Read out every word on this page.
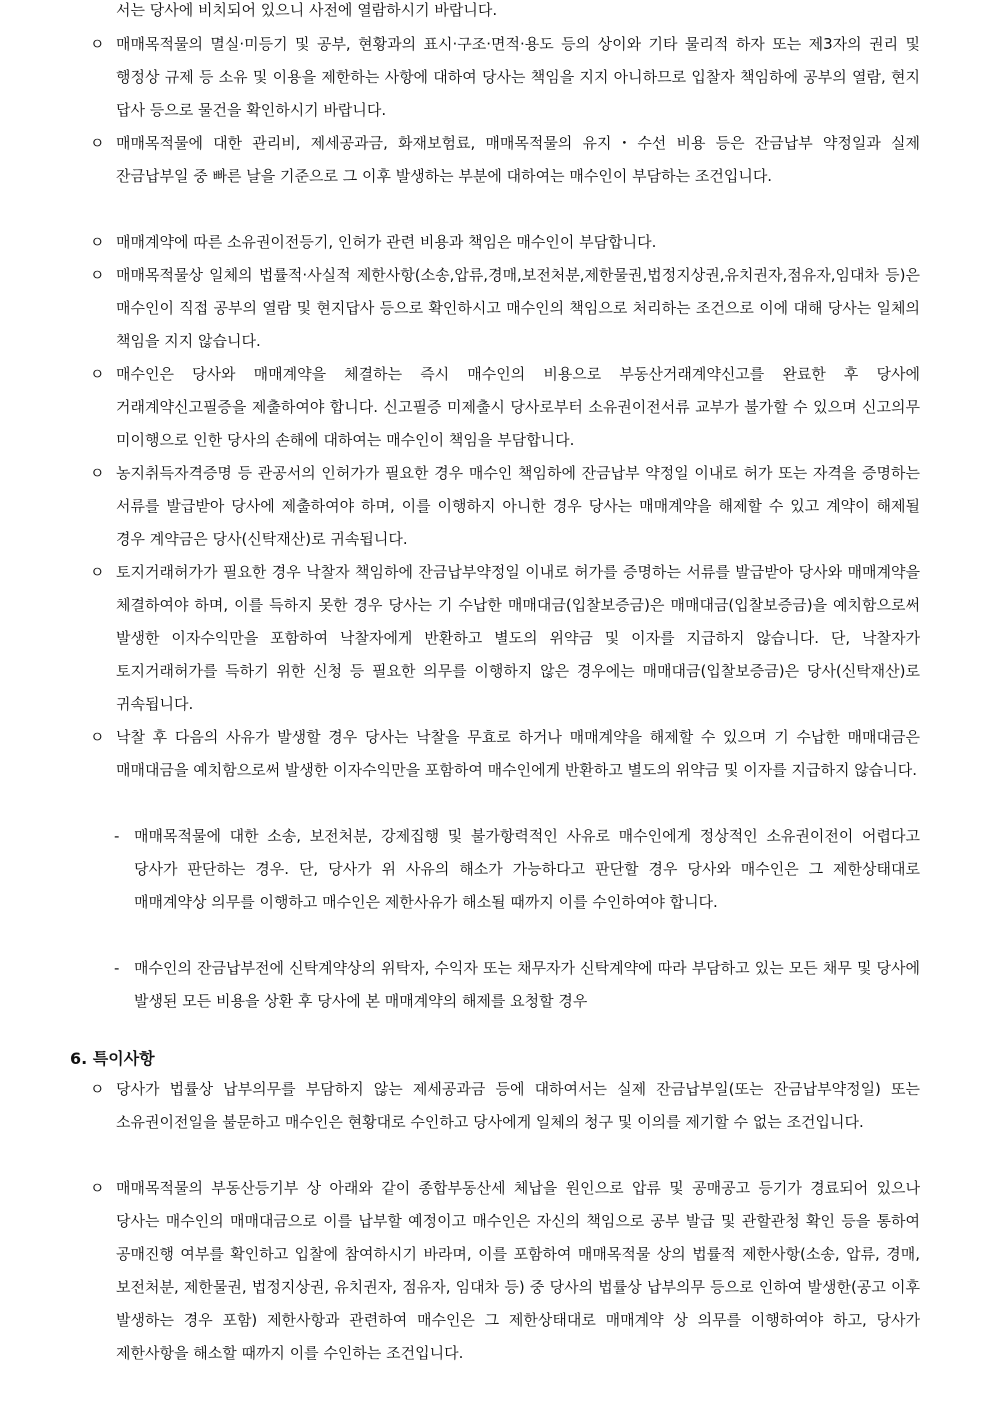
서는 당사에 비치되어 있으니 사전에 열람하시기 바랍니다.

ㅇ 매매목적물의 멸실·미등기 및 공부, 현황과의 표시·구조·면적·용도 등의 상이와 기타 물리적 하자 또는 제3자의 권리 및 행정상 규제 등 소유 및 이용을 제한하는 사항에 대하여 당사는 책임을 지지 아니하므로 입찰자 책임하에 공부의 열람, 현지 답사 등으로 물건을 확인하시기 바랍니다.

ㅇ 매매목적물에 대한 관리비, 제세공과금, 화재보험료, 매매목적물의 유지・수선 비용 등은 잔금납부 약정일과 실제 잔금납부일 중 빠른 날을 기준으로 그 이후 발생하는 부분에 대하여는 매수인이 부담하는 조건입니다.

ㅇ 매매계약에 따른 소유권이전등기, 인허가 관련 비용과 책임은 매수인이 부담합니다.

ㅇ 매매목적물상 일체의 법률적·사실적 제한사항(소송,압류,경매,보전처분,제한물권,법정지상권,유치권자,점유자,임대차 등)은 매수인이 직접 공부의 열람 및 현지답사 등으로 확인하시고 매수인의 책임으로 처리하는 조건으로 이에 대해 당사는 일체의 책임을 지지 않습니다.

ㅇ 매수인은 당사와 매매계약을 체결하는 즉시 매수인의 비용으로 부동산거래계약신고를 완료한 후 당사에 거래계약신고필증을 제출하여야 합니다. 신고필증 미제출시 당사로부터 소유권이전서류 교부가 불가할 수 있으며 신고의무 미이행으로 인한 당사의 손해에 대하여는 매수인이 책임을 부담합니다.

ㅇ 농지취득자격증명 등 관공서의 인허가가 필요한 경우 매수인 책임하에 잔금납부 약정일 이내로 허가 또는 자격을 증명하는 서류를 발급받아 당사에 제출하여야 하며, 이를 이행하지 아니한 경우 당사는 매매계약을 해제할 수 있고 계약이 해제될 경우 계약금은 당사(신탁재산)로 귀속됩니다.

ㅇ 토지거래허가가 필요한 경우 낙찰자 책임하에 잔금납부약정일 이내로 허가를 증명하는 서류를 발급받아 당사와 매매계약을 체결하여야 하며, 이를 득하지 못한 경우 당사는 기 수납한 매매대금(입찰보증금)은 매매대금(입찰보증금)을 예치함으로써 발생한 이자수익만을 포함하여 낙찰자에게 반환하고 별도의 위약금 및 이자를 지급하지 않습니다. 단, 낙찰자가 토지거래허가를 득하기 위한 신청 등 필요한 의무를 이행하지 않은 경우에는 매매대금(입찰보증금)은 당사(신탁재산)로 귀속됩니다.

ㅇ 낙찰 후 다음의 사유가 발생할 경우 당사는 낙찰을 무효로 하거나 매매계약을 해제할 수 있으며 기 수납한 매매대금은 매매대금을 예치함으로써 발생한 이자수익만을 포함하여 매수인에게 반환하고 별도의 위약금 및 이자를 지급하지 않습니다.

- 매매목적물에 대한 소송, 보전처분, 강제집행 및 불가항력적인 사유로 매수인에게 정상적인 소유권이전이 어렵다고 당사가 판단하는 경우. 단, 당사가 위 사유의 해소가 가능하다고 판단할 경우 당사와 매수인은 그 제한상태대로 매매계약상 의무를 이행하고 매수인은 제한사유가 해소될 때까지 이를 수인하여야 합니다.

- 매수인의 잔금납부전에 신탁계약상의 위탁자, 수익자 또는 채무자가 신탁계약에 따라 부담하고 있는 모든 채무 및 당사에 발생된 모든 비용을 상환 후 당사에 본 매매계약의 해제를 요청할 경우

6. 특이사항

ㅇ 당사가 법률상 납부의무를 부담하지 않는 제세공과금 등에 대하여서는 실제 잔금납부일(또는 잔금납부약정일) 또는 소유권이전일을 불문하고 매수인은 현황대로 수인하고 당사에게 일체의 청구 및 이의를 제기할 수 없는 조건입니다.

ㅇ 매매목적물의 부동산등기부 상 아래와 같이 종합부동산세 체납을 원인으로 압류 및 공매공고 등기가 경료되어 있으나 당사는 매수인의 매매대금으로 이를 납부할 예정이고 매수인은 자신의 책임으로 공부 발급 및 관할관청 확인 등을 통하여 공매진행 여부를 확인하고 입찰에 참여하시기 바라며, 이를 포함하여 매매목적물 상의 법률적 제한사항(소송, 압류, 경매, 보전처분, 제한물권, 법정지상권, 유치권자, 점유자, 임대차 등) 중 당사의 법률상 납부의무 등으로 인하여 발생한(공고 이후 발생하는 경우 포함) 제한사항과 관련하여 매수인은 그 제한상태대로 매매계약 상 의무를 이행하여야 하고, 당사가 제한사항을 해소할 때까지 이를 수인하는 조건입니다.
